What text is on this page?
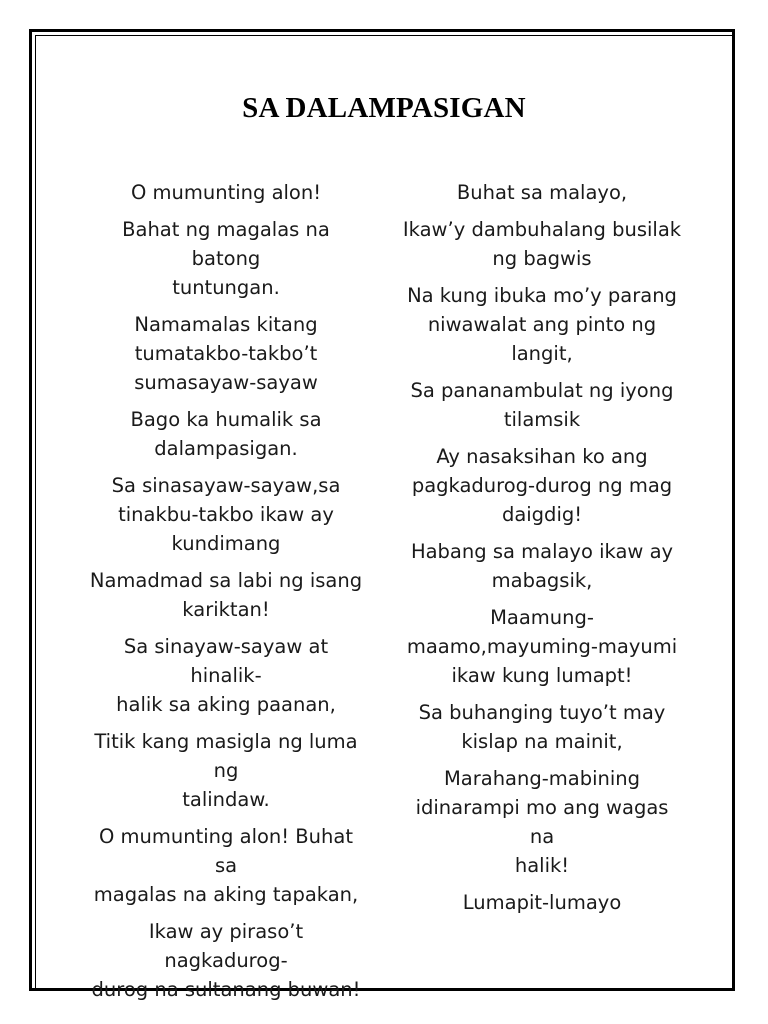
SA DALAMPASIGAN
O mumunting alon!
Bahat ng magalas na batong
tuntungan.
Namamalas kitang
tumatakbo-takbo’t
sumasayaw-sayaw
Bago ka humalik sa
dalampasigan.
Sa sinasayaw-sayaw,sa
tinakbu-takbo ikaw ay
kundimang
Namadmad sa labi ng isang
kariktan!
Sa sinayaw-sayaw at hinalik-
halik sa aking paanan,
Titik kang masigla ng luma ng
talindaw.
O mumunting alon! Buhat sa
magalas na aking tapakan,
Ikaw ay piraso’t nagkadurog-
durog na sultanang buwan!
Buhat sa malayo,
Ikaw’y dambuhalang busilak
ng bagwis
Na kung ibuka mo’y parang
niwawalat ang pinto ng
langit,
Sa pananambulat ng iyong
tilamsik
Ay nasaksihan ko ang
pagkadurog-durog ng mag
daigdig!
Habang sa malayo ikaw ay
mabagsik,
Maamung-
maamo,mayuming-mayumi
ikaw kung lumapt!
Sa buhanging tuyo’t may
kislap na mainit,
Marahang-mabining
idinarampi mo ang wagas na
halik!
Lumapit-lumayo
